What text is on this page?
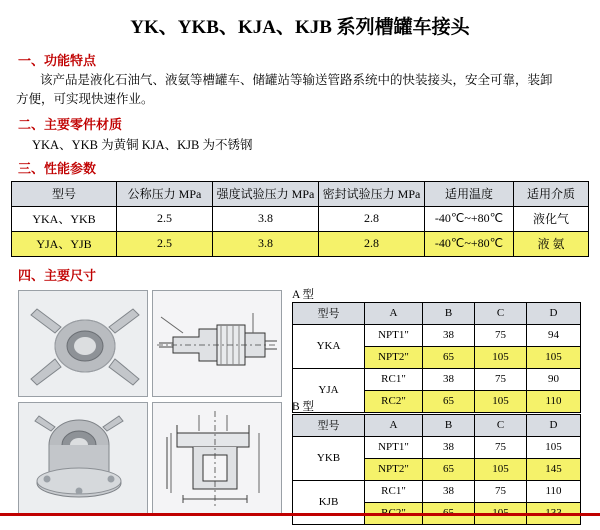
YK、YKB、KJA、KJB 系列槽罐车接头
一、功能特点
该产品是液化石油气、液氨等槽罐车、储罐站等输送管路系统中的快装接头，安全可靠，装卸
方便，可实现快速作业。
二、主要零件材质
YKA、YKB 为黄铜 KJA、KJB 为不锈钢
三、性能参数
型号	公称压力 MPa	强度试验压力 MPa	密封试验压力 MPa	适用温度	适用介质
YKA、YKB	2.5	3.8	2.8	-40℃~+80℃	液化气
YJA、YJB	2.5	3.8	2.8	-40℃~+80℃	液 氨
四、主要尺寸
A 型
型号	A	B	C	D
YKA	NPT1"	38	75	94
	NPT2"	65	105	105
YJA	RC1"	38	75	90
	RC2"	65	105	110
B 型
型号	A	B	C	D
YKB	NPT1"	38	75	105
	NPT2"	65	105	145
KJB	RC1"	38	75	110
